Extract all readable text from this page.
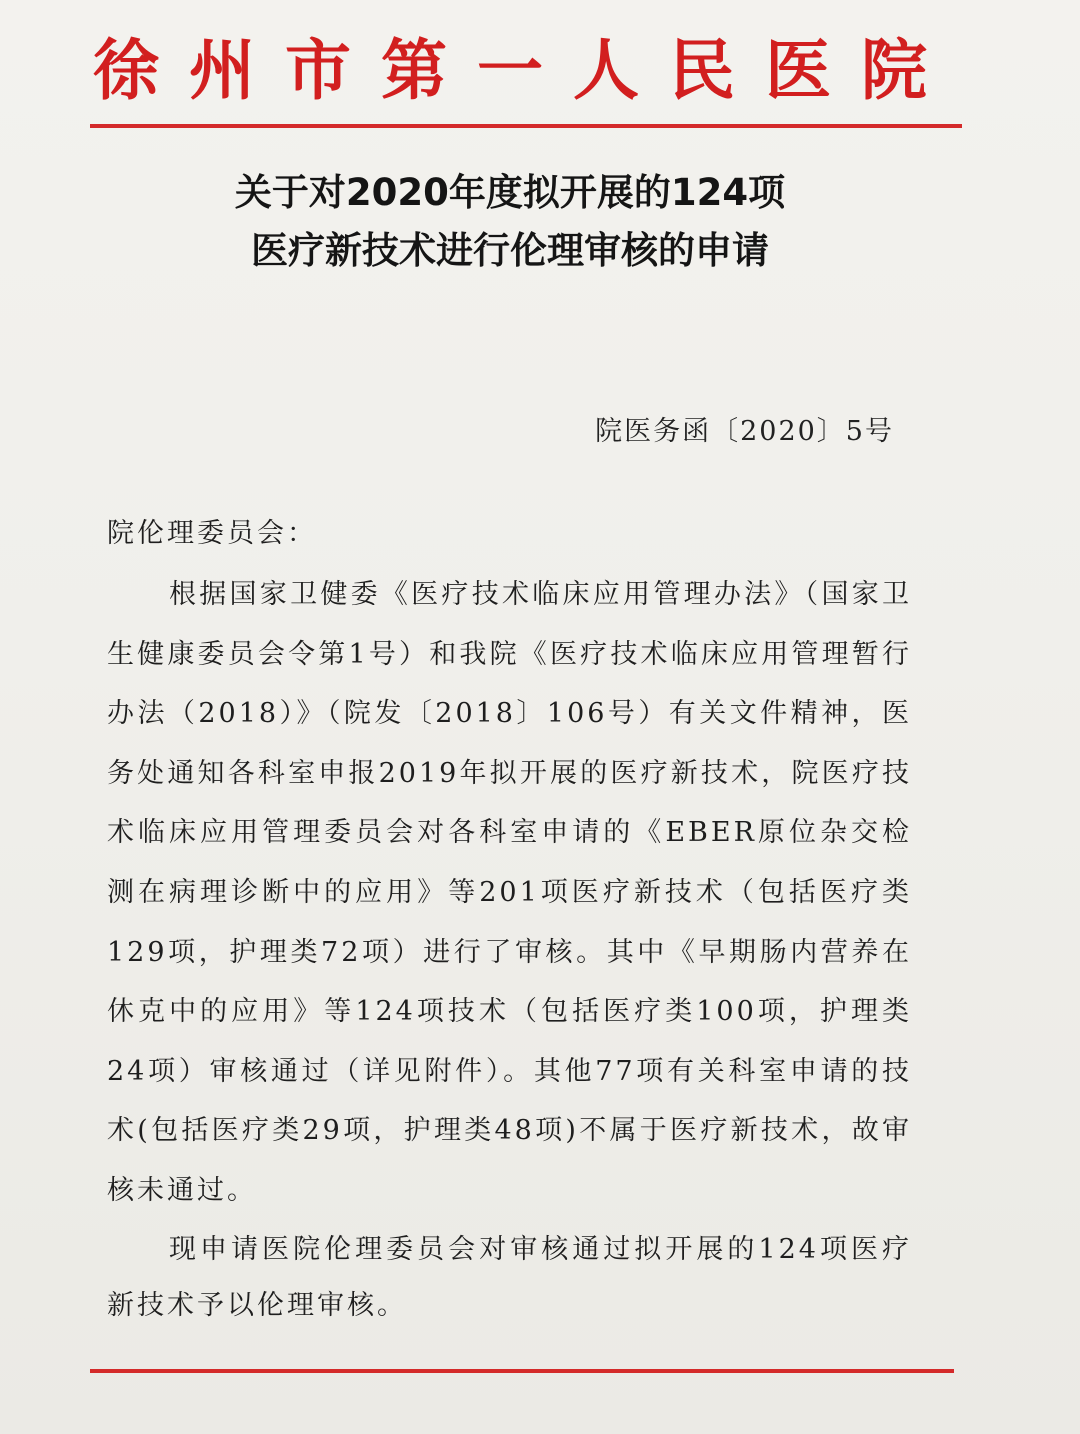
徐州市第一人民医院
关于对2020年度拟开展的124项
医疗新技术进行伦理审核的申请
院医务函〔2020〕5号
院伦理委员会：
根据国家卫健委《医疗技术临床应用管理办法》（国家卫生健康委员会令第1号）和我院《医疗技术临床应用管理暂行办法（2018）》（院发〔2018〕106号）有关文件精神，医务处通知各科室申报2019年拟开展的医疗新技术，院医疗技术临床应用管理委员会对各科室申请的《EBER原位杂交检测在病理诊断中的应用》等201项医疗新技术（包括医疗类129项，护理类72项）进行了审核。其中《早期肠内营养在休克中的应用》等124项技术（包括医疗类100项，护理类24项）审核通过（详见附件）。其他77项有关科室申请的技术(包括医疗类29项，护理类48项)不属于医疗新技术，故审核未通过。
现申请医院伦理委员会对审核通过拟开展的124项医疗新技术予以伦理审核。
